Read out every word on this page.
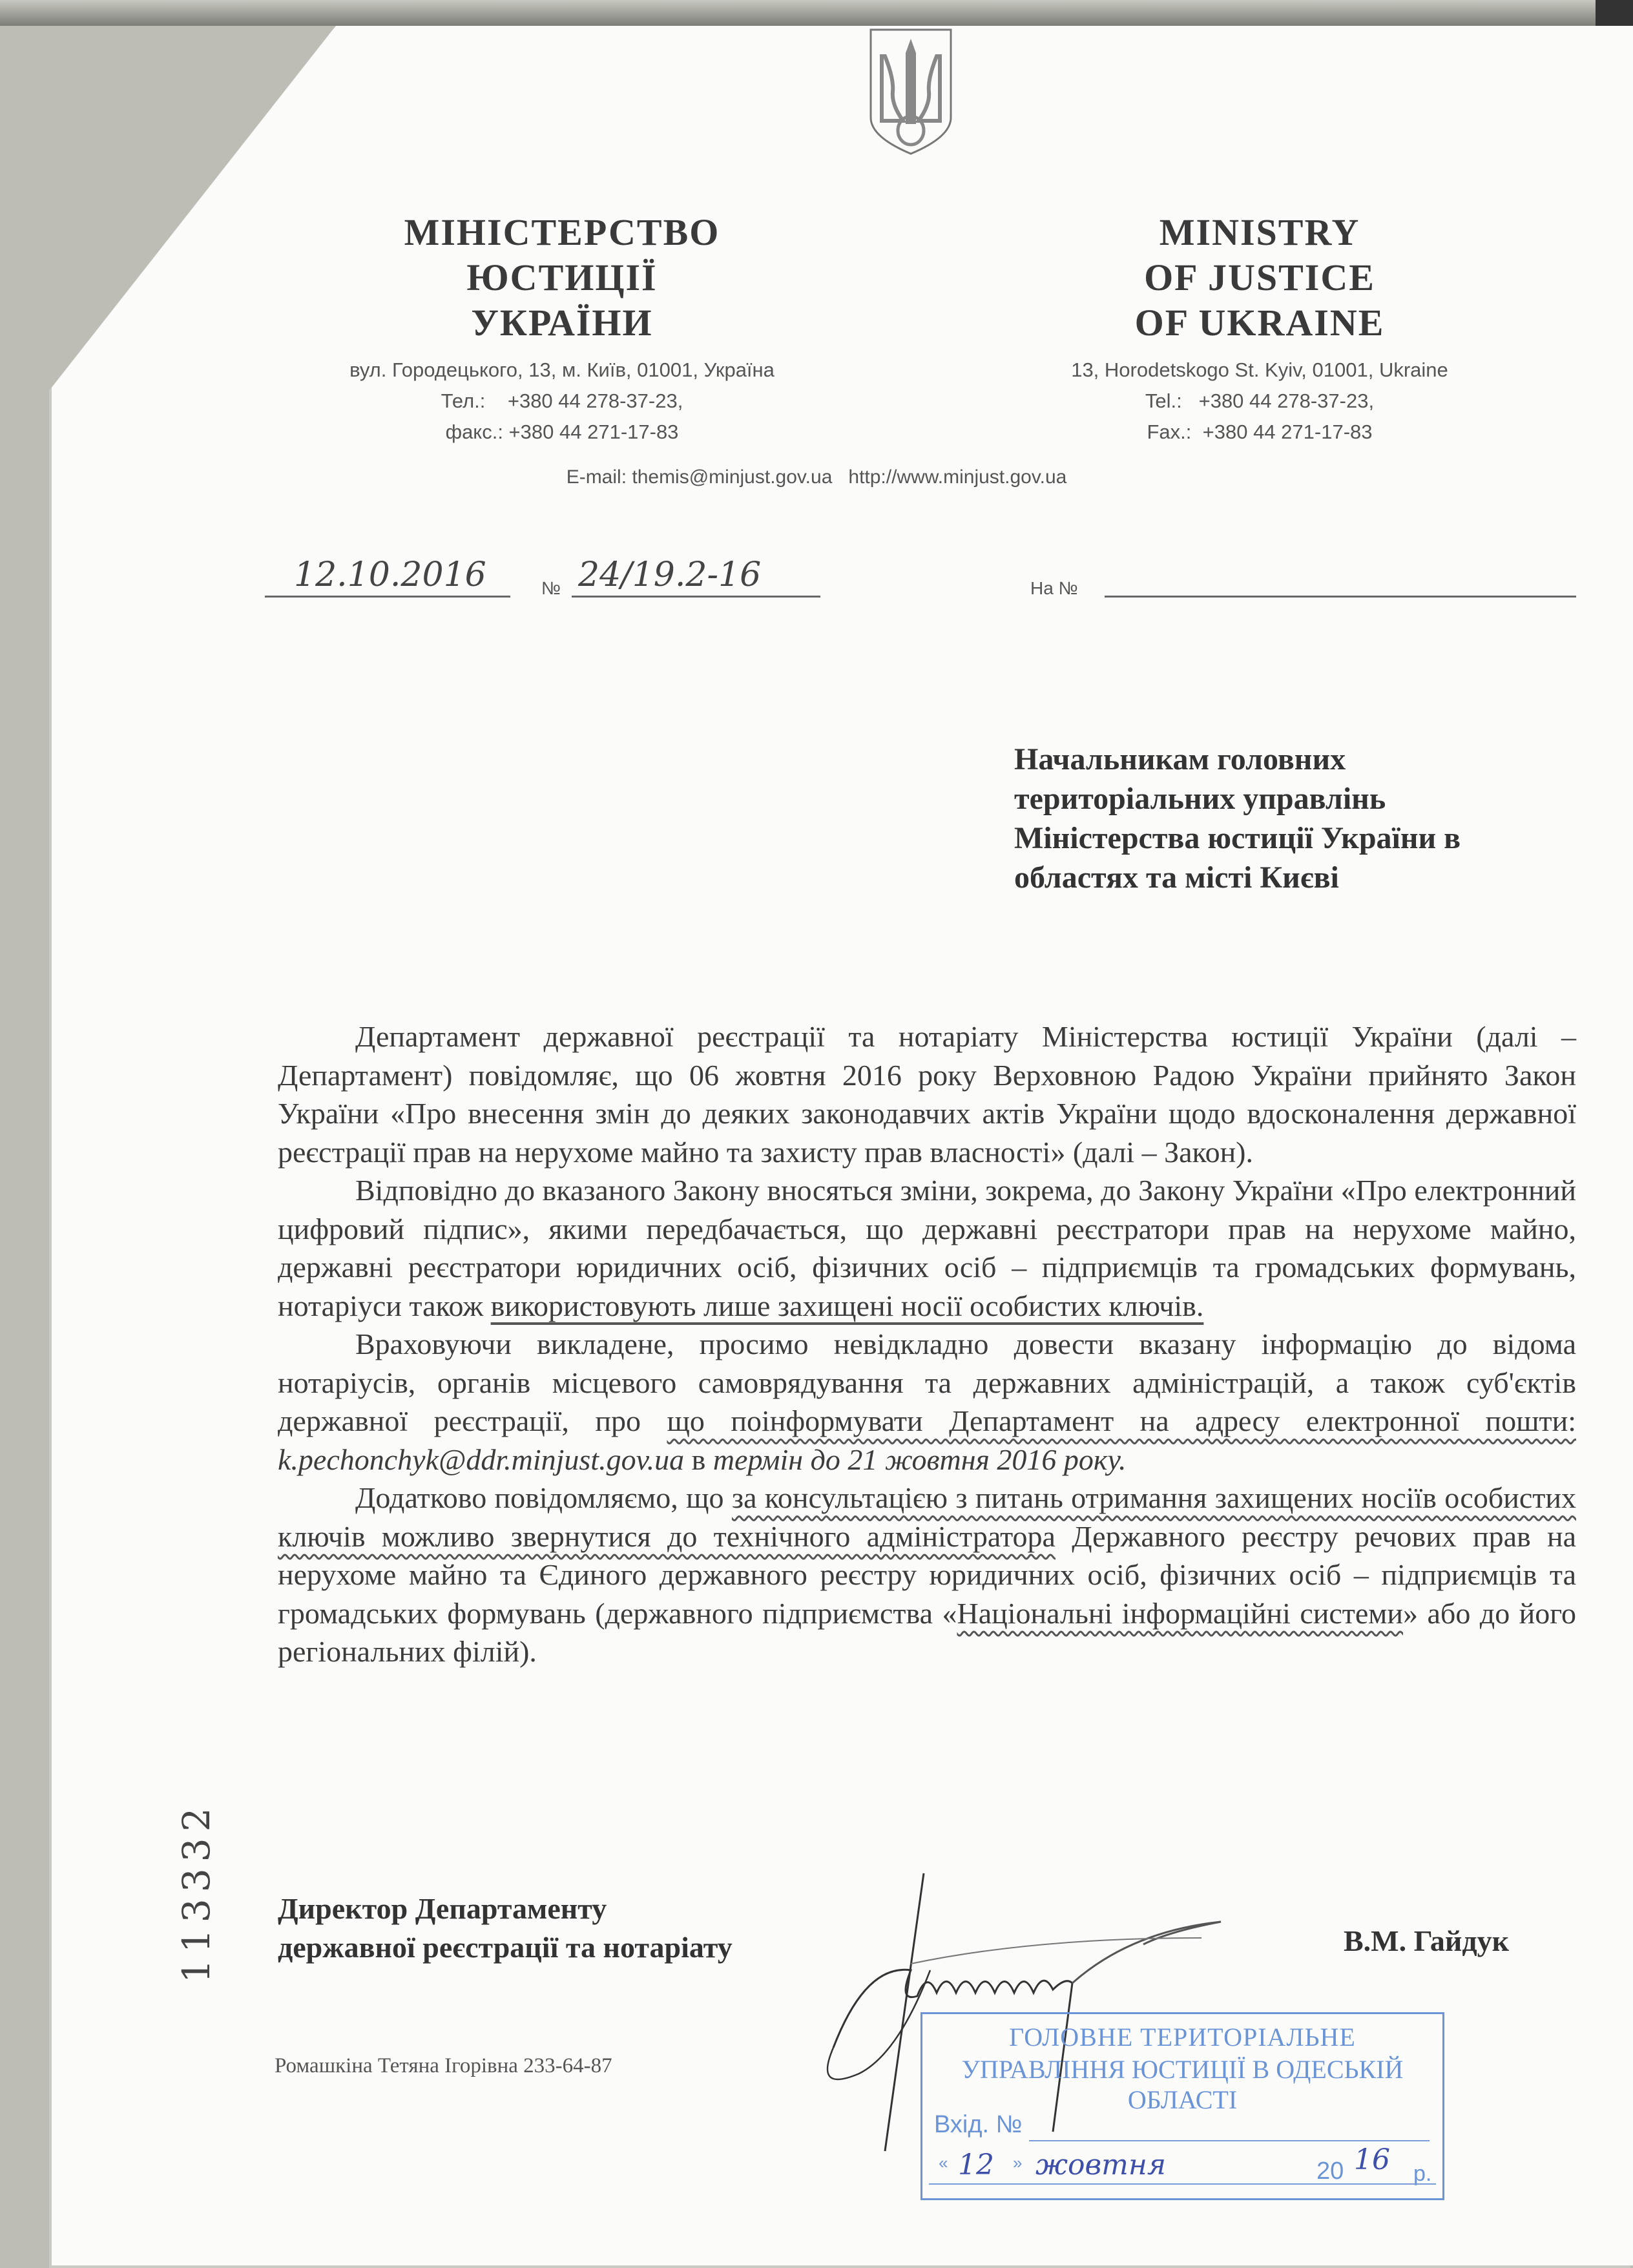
МІНІСТЕРСТВО
ЮСТИЦІЇ
УКРАЇНИ
вул. Городецького, 13, м. Київ, 01001, Україна
Тел.:    +380 44 278-37-23,
факс.: +380 44 271-17-83
MINISTRY
OF JUSTICE
OF UKRAINE
13, Horodetskogo St. Kyiv, 01001, Ukraine
Tel.:   +380 44 278-37-23,
Fax.:  +380 44 271-17-83
E-mail: themis@minjust.gov.ua   http://www.minjust.gov.ua
12.10.2016	№ 24/19.2-16	На №
Начальникам головних
територіальних управлінь
Міністерства юстиції України в
областях та місті Києві

Департамент державної реєстрації та нотаріату Міністерства юстиції України (далі – Департамент) повідомляє, що 06 жовтня 2016 року Верховною Радою України прийнято Закон України «Про внесення змін до деяких законодавчих актів України щодо вдосконалення державної реєстрації прав на нерухоме майно та захисту прав власності» (далі – Закон).

Відповідно до вказаного Закону вносяться зміни, зокрема, до Закону України «Про електронний цифровий підпис», якими передбачається, що державні реєстратори прав на нерухоме майно, державні реєстратори юридичних осіб, фізичних осіб – підприємців та громадських формувань, нотаріуси також використовують лише захищені носії особистих ключів.

Враховуючи викладене, просимо невідкладно довести вказану інформацію до відома нотаріусів, органів місцевого самоврядування та державних адміністрацій, а також суб'єктів державної реєстрації, про що поінформувати Департамент на адресу електронної пошти: k.pechonchyk@ddr.minjust.gov.ua в термін до 21 жовтня 2016 року.

Додатково повідомляємо, що за консультацією з питань отримання захищених носіїв особистих ключів можливо звернутися до технічного адміністратора Державного реєстру речових прав на нерухоме майно та Єдиного державного реєстру юридичних осіб, фізичних осіб – підприємців та громадських формувань (державного підприємства «Національні інформаційні системи» або до його регіональних філій).

113332 Директор Департаменту
державної реєстрації та нотаріату	В.М. Гайдук
Ромашкіна Тетяна Ігорівна 233-64-87
ГОЛОВНЕ ТЕРИТОРІАЛЬНЕ
УПРАВЛІННЯ ЮСТИЦІЇ В ОДЕСЬКІЙ ОБЛАСТІ
Вхід. №
« 12 » жовтня	20 16 р.
